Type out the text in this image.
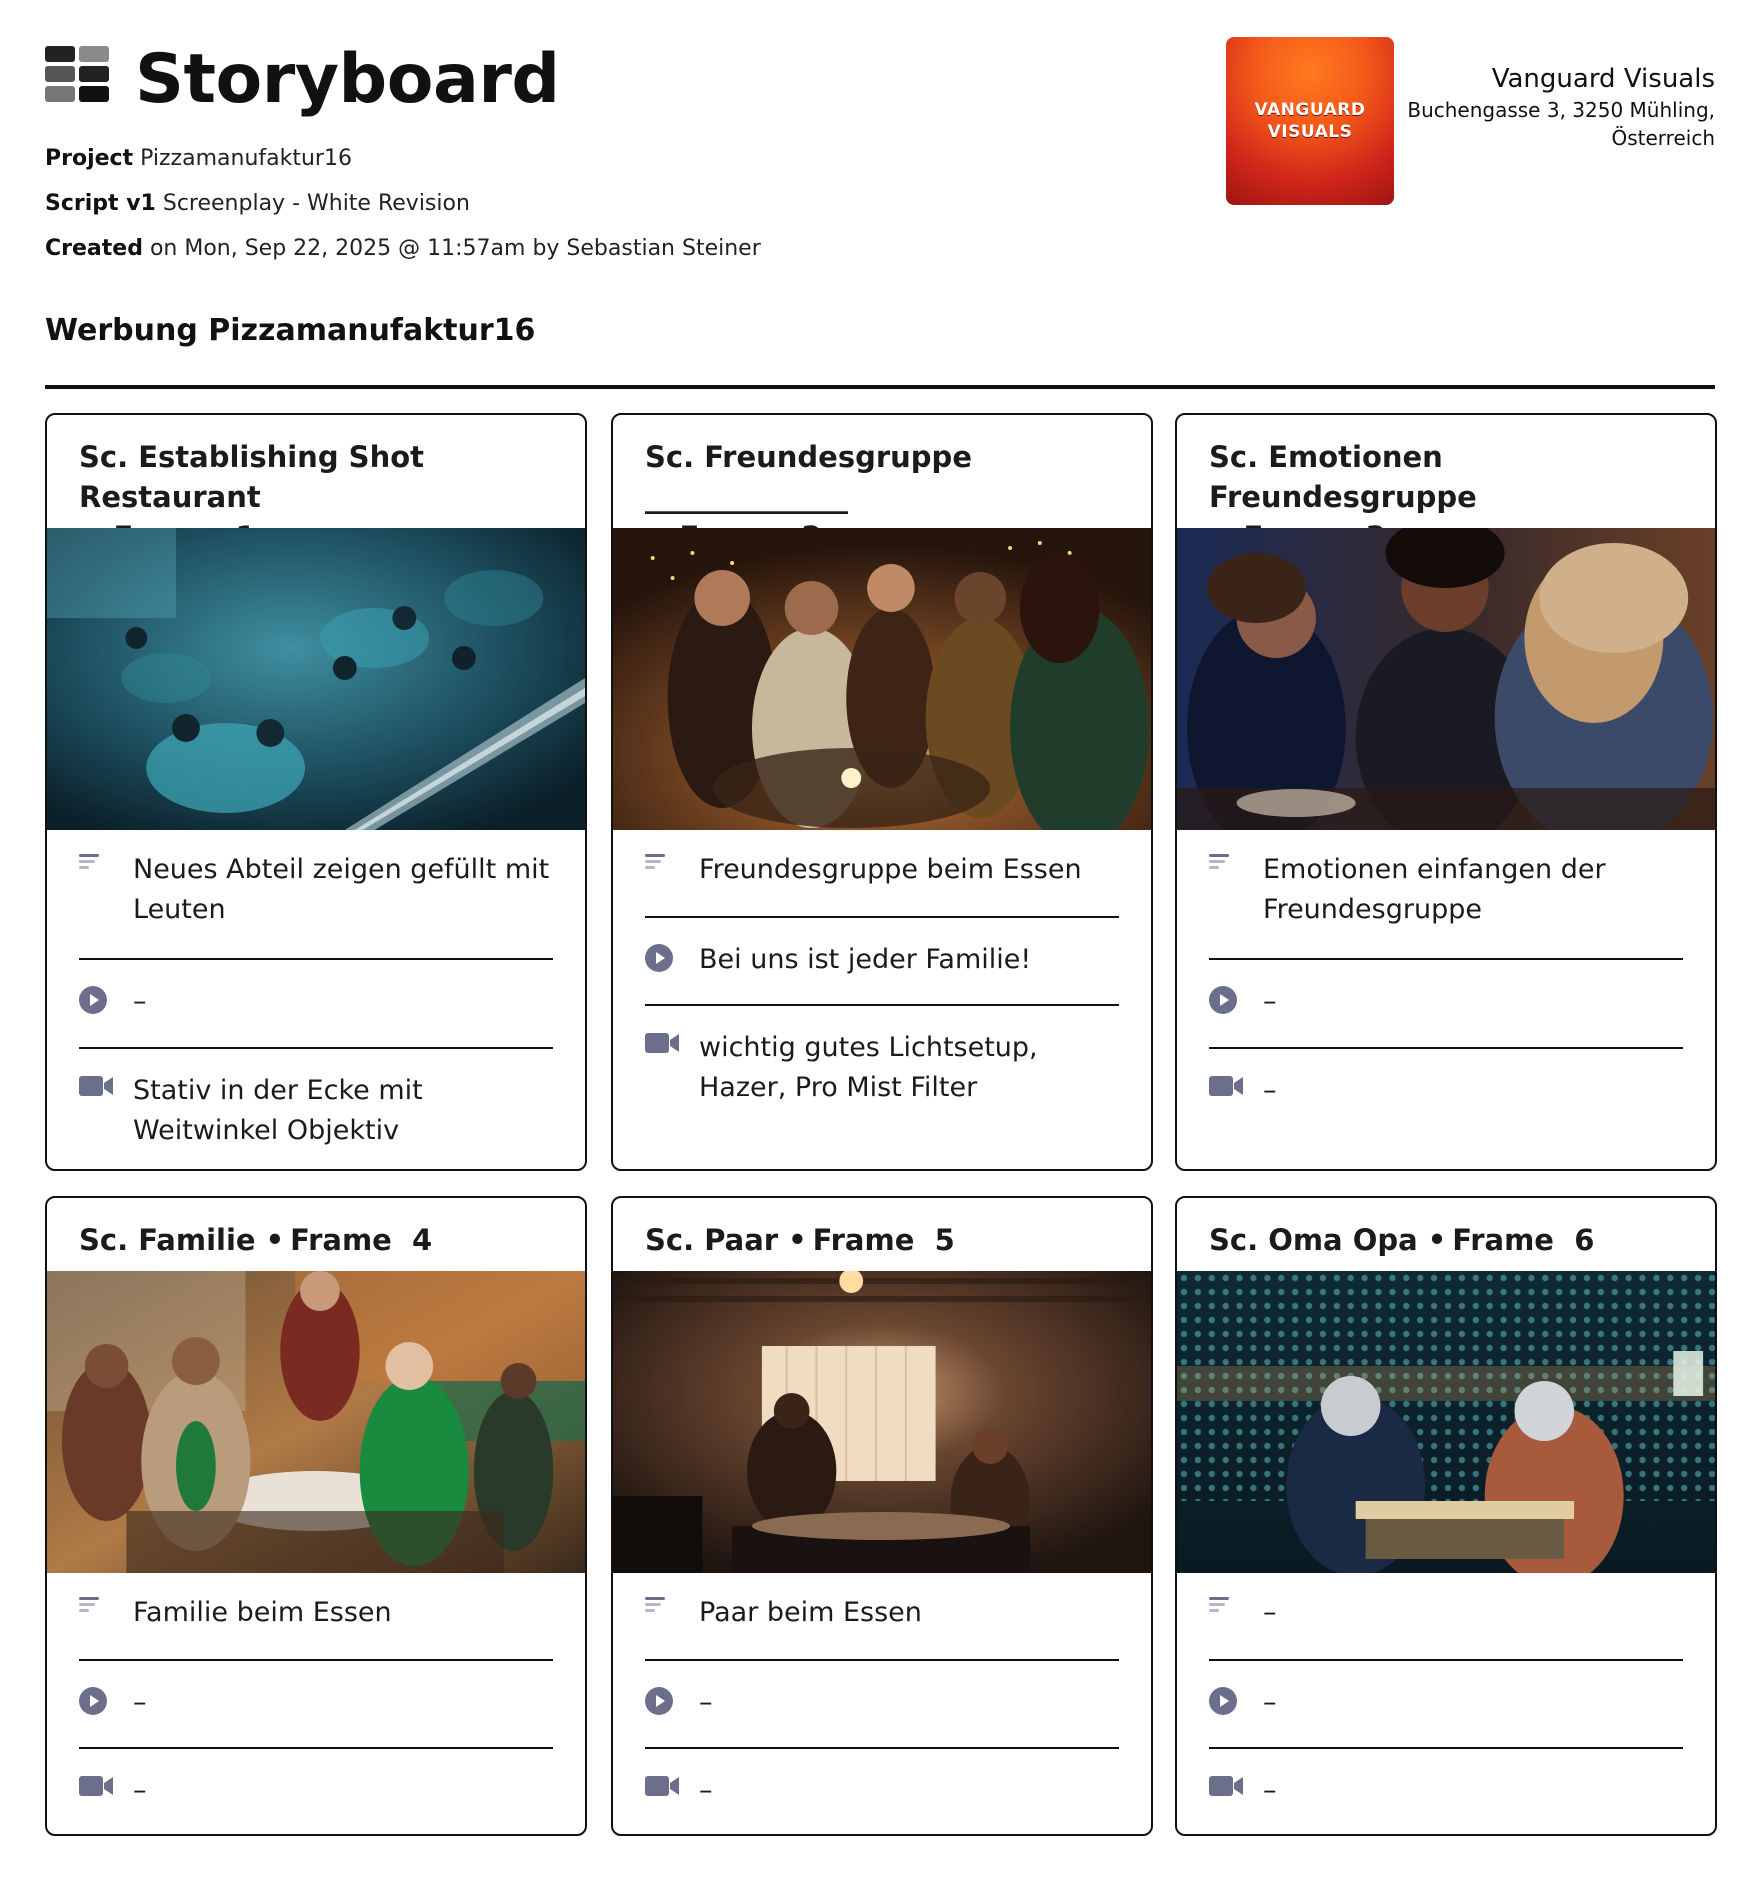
Storyboard
Project Pizzamanufaktur16
Script v1 Screenplay - White Revision
Created on Mon, Sep 22, 2025 @ 11:57am by Sebastian Steiner
Werbung Pizzamanufaktur16
VANGUARD
VISUALS
Vanguard Visuals
Buchengasse 3, 3250 Mühling,
Österreich
Sc. Establishing Shot Restaurant

Neues Abteil zeigen gefüllt mit Leuten
–
Stativ in der Ecke mit Weitwinkel Objektiv
Sc. Freundesgruppe ______________

Freundesgruppe beim Essen
Bei uns ist jeder Familie!
wichtig gutes Lichtsetup, Hazer, Pro Mist Filter
Sc. Emotionen Freundesgruppe

Emotionen einfangen der Freundesgruppe
–
–
Sc. Familie • Frame 4
Familie beim Essen
–
–
Sc. Paar • Frame 5
Paar beim Essen
–
–
Sc. Oma Opa • Frame 6
–
–
–
